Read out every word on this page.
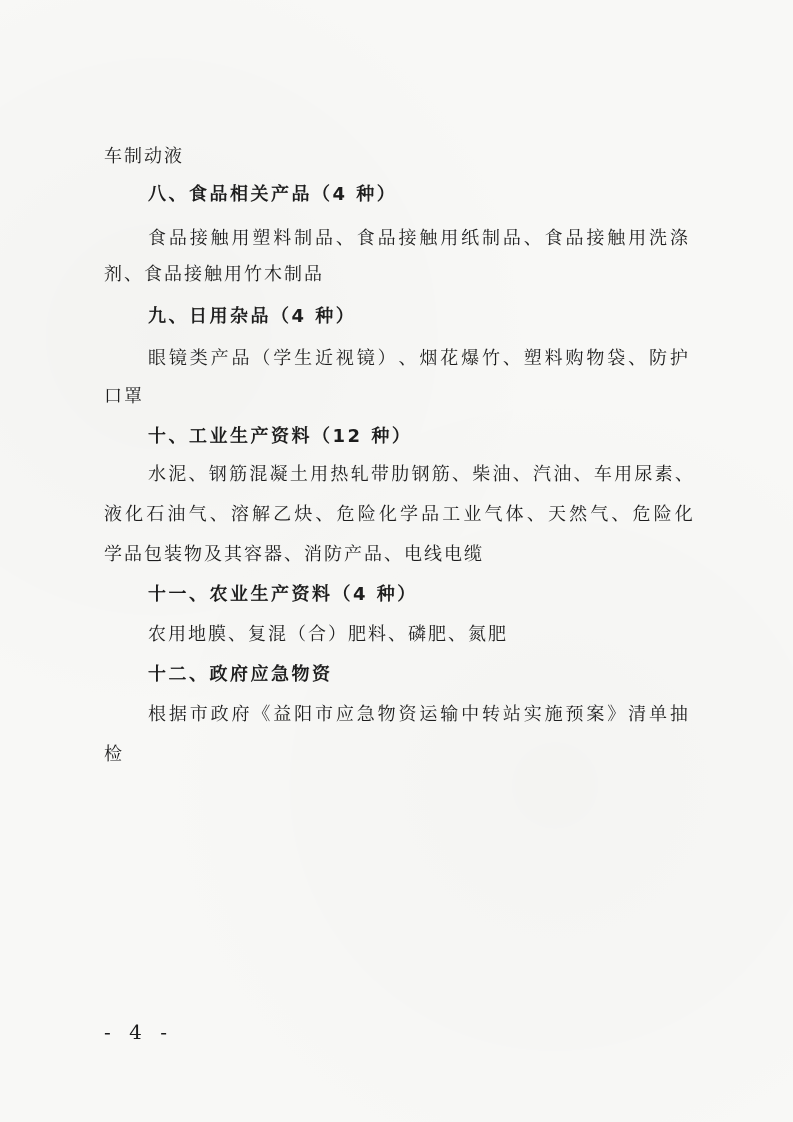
车制动液

八、食品相关产品（4 种）

食 品 接 触 用 塑 料 制 品 、 食 品 接 触 用 纸 制 品 、 食 品 接 触 用 洗 涤

剂、食品接触用竹木制品

九、日用杂品（4 种）

眼 镜 类 产 品 （ 学 生 近 视 镜 ） 、 烟 花 爆 竹 、 塑 料 购 物 袋 、 防 护

口罩

十、工业生产资料（12 种）

水 泥 、 钢 筋 混 凝 土 用 热 轧 带 肋 钢 筋 、 柴 油 、 汽 油 、 车 用 尿 素 、

液 化 石 油 气 、 溶 解 乙 炔 、 危 险 化 学 品 工 业 气 体 、 天 然 气 、 危 险 化

学品包装物及其容器、消防产品、电线电缆

十一、农业生产资料（4 种）

农用地膜、复混（合）肥料、磷肥、氮肥

十二、政府应急物资

根 据 市 政 府 《 益 阳 市 应 急 物 资 运 输 中 转 站 实 施 预 案 》 清 单 抽

检

- 4 -
